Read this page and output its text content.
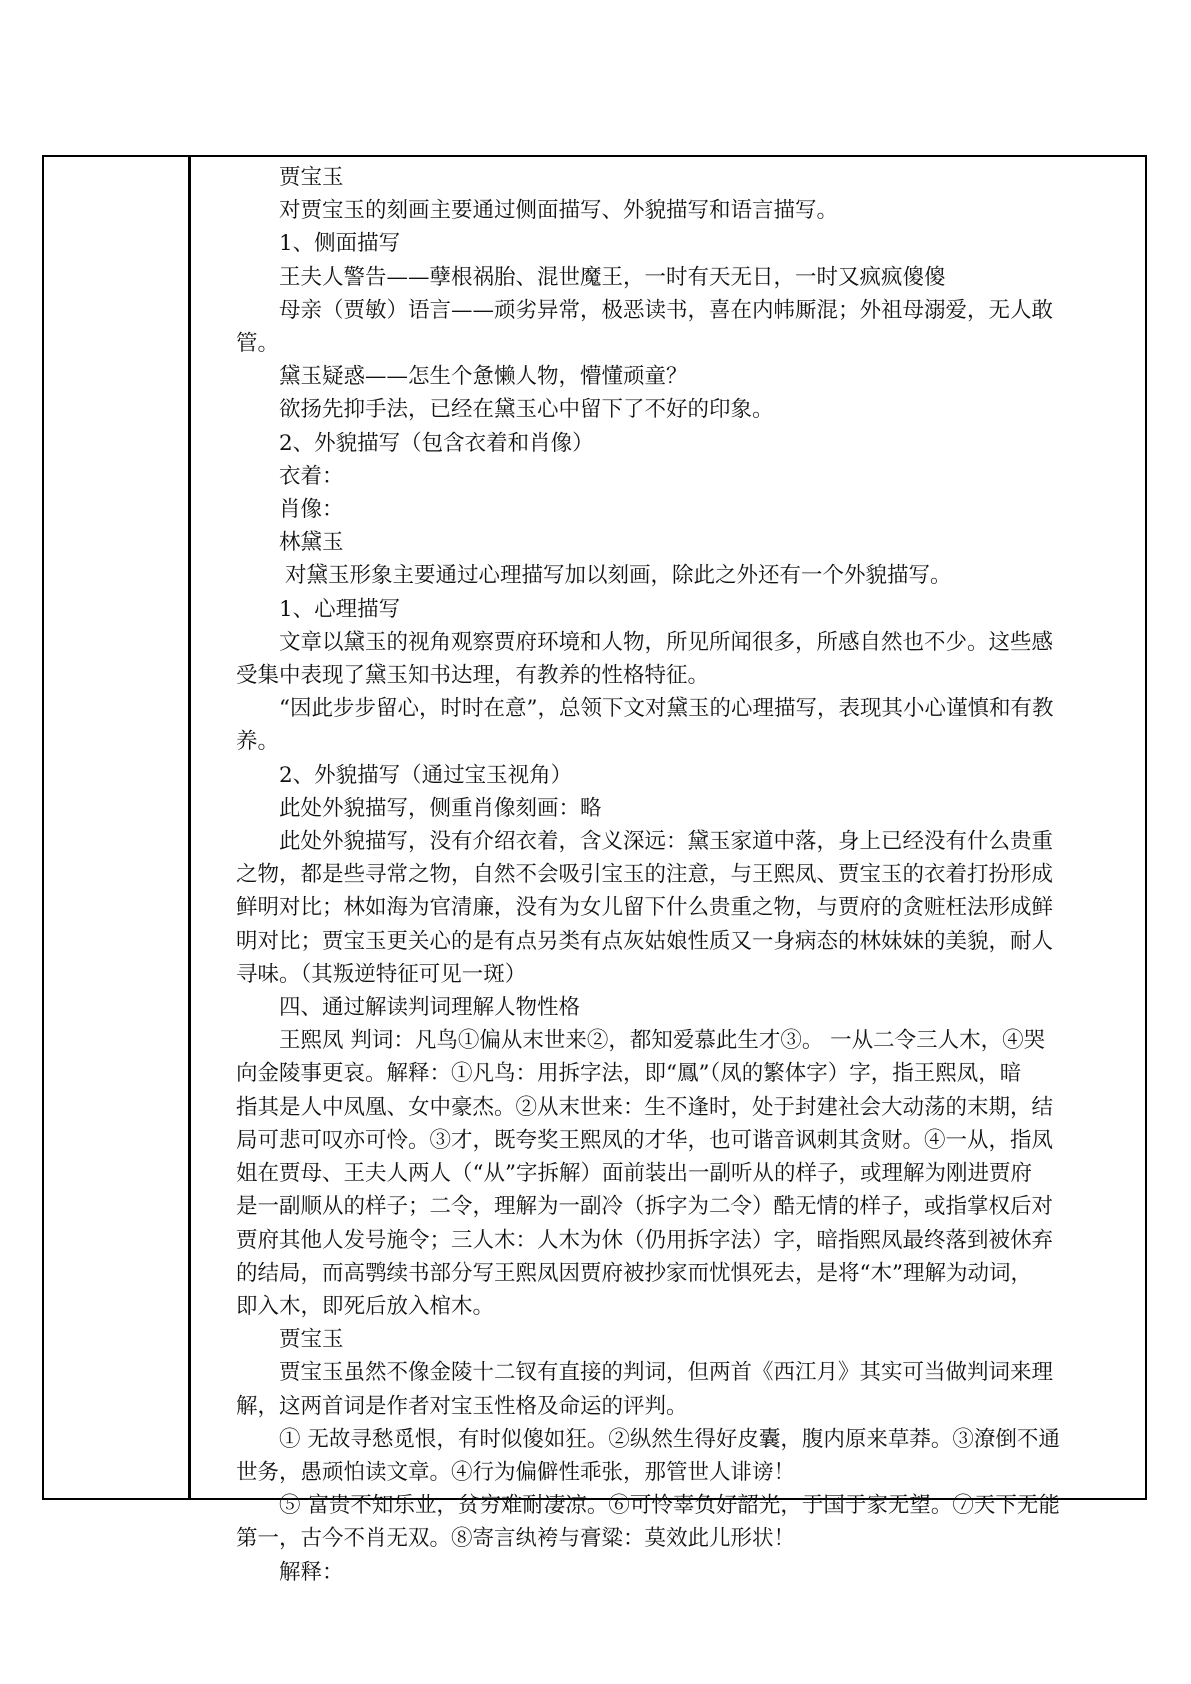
贾宝玉

对贾宝玉的刻画主要通过侧面描写、外貌描写和语言描写。

1、侧面描写

王夫人警告——孽根祸胎、混世魔王，一时有天无日，一时又疯疯傻傻

母亲（贾敏）语言——顽劣异常，极恶读书，喜在内帏厮混；外祖母溺爱，无人敢

管。

黛玉疑惑——怎生个惫懒人物，懵懂顽童？

欲扬先抑手法，已经在黛玉心中留下了不好的印象。

2、外貌描写（包含衣着和肖像）

衣着：

肖像：

林黛玉

对黛玉形象主要通过心理描写加以刻画，除此之外还有一个外貌描写。

1、心理描写

文章以黛玉的视角观察贾府环境和人物，所见所闻很多，所感自然也不少。这些感

受集中表现了黛玉知书达理，有教养的性格特征。

“因此步步留心，时时在意”，总领下文对黛玉的心理描写，表现其小心谨慎和有教

养。

2、外貌描写（通过宝玉视角）

此处外貌描写，侧重肖像刻画：略

此处外貌描写，没有介绍衣着，含义深远：黛玉家道中落，身上已经没有什么贵重

之物，都是些寻常之物，自然不会吸引宝玉的注意，与王熙凤、贾宝玉的衣着打扮形成

鲜明对比；林如海为官清廉，没有为女儿留下什么贵重之物，与贾府的贪赃枉法形成鲜

明对比；贾宝玉更关心的是有点另类有点灰姑娘性质又一身病态的林妹妹的美貌，耐人

寻味。（其叛逆特征可见一斑）

四、通过解读判词理解人物性格

王熙凤 判词：凡鸟①偏从末世来②，都知爱慕此生才③。 一从二令三人木，④哭

向金陵事更哀。解释：①凡鸟：用拆字法，即“鳳”（凤的繁体字）字，指王熙凤，暗

指其是人中凤凰、女中豪杰。②从末世来：生不逢时，处于封建社会大动荡的末期，结

局可悲可叹亦可怜。③才，既夸奖王熙凤的才华，也可谐音讽刺其贪财。④一从，指凤

姐在贾母、王夫人两人（“从”字拆解）面前装出一副听从的样子，或理解为刚进贾府

是一副顺从的样子；二令，理解为一副冷（拆字为二令）酷无情的样子，或指掌权后对

贾府其他人发号施令；三人木：人木为休（仍用拆字法）字，暗指熙凤最终落到被休弃

的结局，而高鹗续书部分写王熙凤因贾府被抄家而忧惧死去，是将“木”理解为动词，

即入木，即死后放入棺木。

贾宝玉

贾宝玉虽然不像金陵十二钗有直接的判词，但两首《西江月》其实可当做判词来理

解，这两首词是作者对宝玉性格及命运的评判。

① 无故寻愁觅恨，有时似傻如狂。②纵然生得好皮囊，腹内原来草莽。③潦倒不通

世务，愚顽怕读文章。④行为偏僻性乖张，那管世人诽谤！

⑤ 富贵不知乐业，贫穷难耐凄凉。⑥可怜辜负好韶光，于国于家无望。⑦天下无能

第一，古今不肖无双。⑧寄言纨袴与膏粱：莫效此儿形状！

解释：
